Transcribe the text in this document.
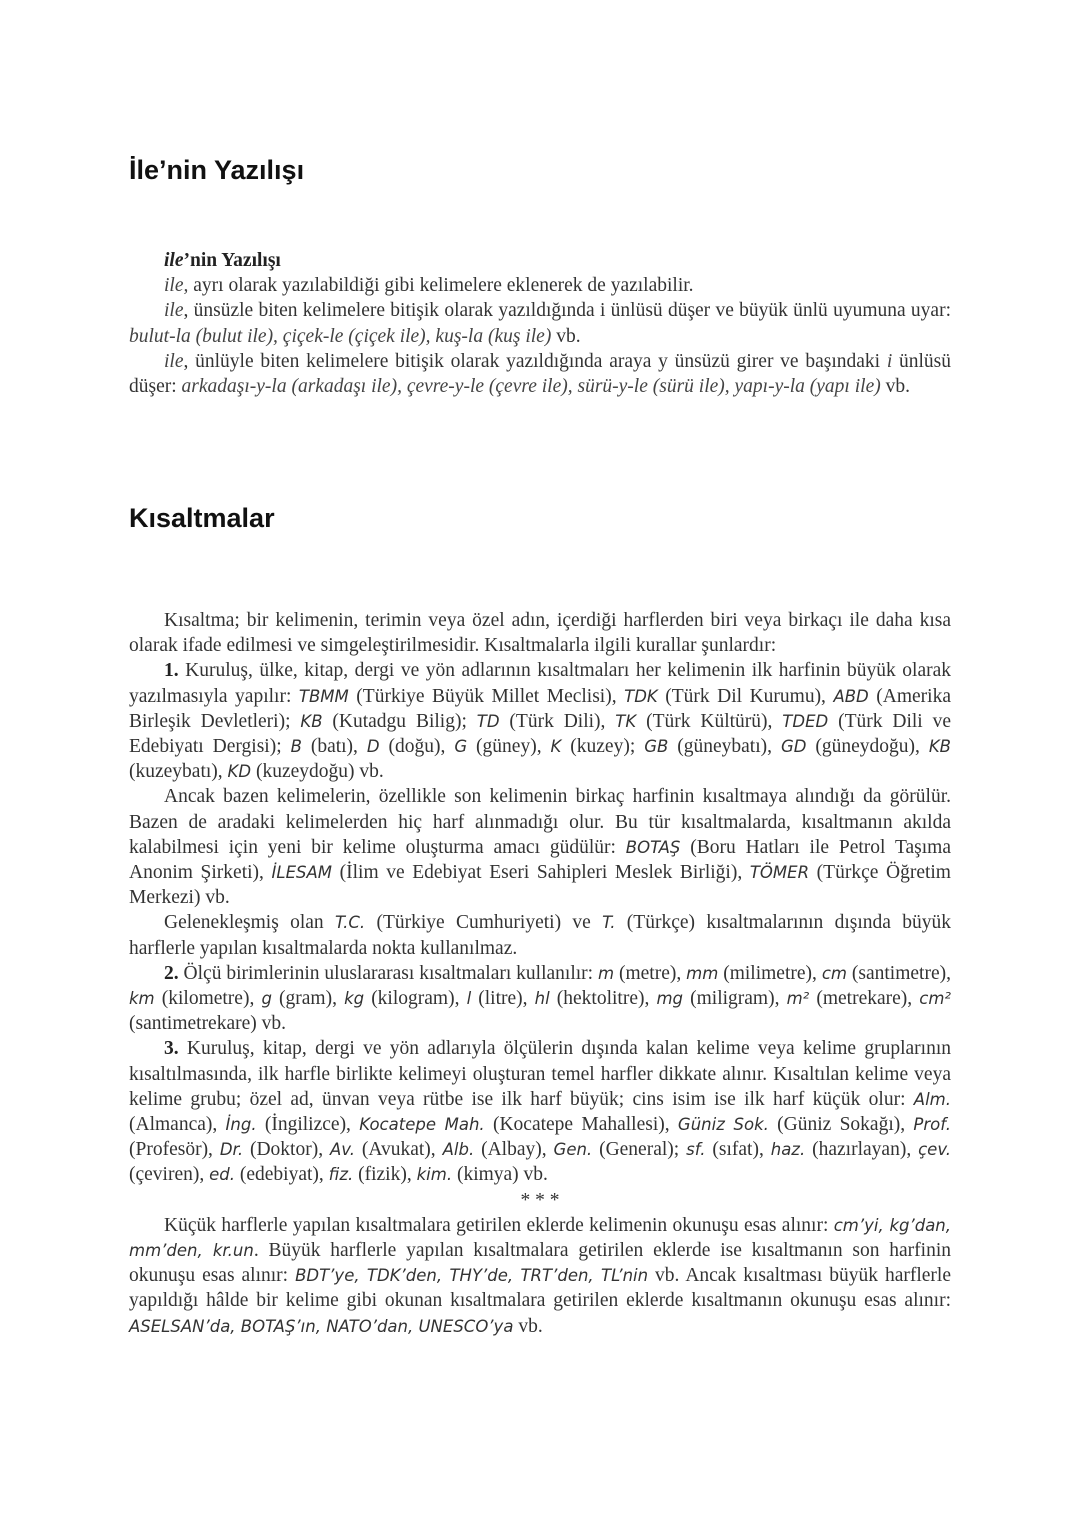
İle’nin Yazılışı

ile’nin Yazılışı

ile, ayrı olarak yazılabildiği gibi kelimelere eklenerek de yazılabilir.

ile, ünsüzle biten kelimelere bitişik olarak yazıldığında i ünlüsü düşer ve büyük ünlü uyumuna uyar: bulut-la (bulut ile), çiçek-le (çiçek ile), kuş-la (kuş ile) vb.

ile, ünlüyle biten kelimelere bitişik olarak yazıldığında araya y ünsüzü girer ve başındaki i ünlüsü düşer: arkadaşı-y-la (arkadaşı ile), çevre-y-le (çevre ile), sürü-y-le (sürü ile), yapı-y-la (yapı ile) vb.

Kısaltmalar

Kısaltma; bir kelimenin, terimin veya özel adın, içerdiği harflerden biri veya birkaçı ile daha kısa olarak ifade edilmesi ve simgeleştirilmesidir. Kısaltmalarla ilgili kurallar şunlardır:

1. Kuruluş, ülke, kitap, dergi ve yön adlarının kısaltmaları her kelimenin ilk harfinin büyük olarak yazılmasıyla yapılır: TBMM (Türkiye Büyük Millet Meclisi), TDK (Türk Dil Kurumu), ABD (Amerika Birleşik Devletleri); KB (Kutadgu Bilig); TD (Türk Dili), TK (Türk Kültürü), TDED (Türk Dili ve Edebiyatı Dergisi); B (batı), D (doğu), G (güney), K (kuzey); GB (güneybatı), GD (güneydoğu), KB (kuzeybatı), KD (kuzeydoğu) vb.

Ancak bazen kelimelerin, özellikle son kelimenin birkaç harfinin kısaltmaya alındığı da görülür. Bazen de aradaki kelimelerden hiç harf alınmadığı olur. Bu tür kısaltmalarda, kısaltmanın akılda kalabilmesi için yeni bir kelime oluşturma amacı güdülür: BOTAŞ (Boru Hatları ile Petrol Taşıma Anonim Şirketi), İLESAM (İlim ve Edebiyat Eseri Sahipleri Meslek Birliği), TÖMER (Türkçe Öğretim Merkezi) vb.

Gelenekleşmiş olan T.C. (Türkiye Cumhuriyeti) ve T. (Türkçe) kısaltmalarının dışında büyük harflerle yapılan kısaltmalarda nokta kullanılmaz.

2. Ölçü birimlerinin uluslararası kısaltmaları kullanılır: m (metre), mm (milimetre), cm (santimetre), km (kilometre), g (gram), kg (kilogram), l (litre), hl (hektolitre), mg (miligram), m² (metrekare), cm² (santimetrekare) vb.

3. Kuruluş, kitap, dergi ve yön adlarıyla ölçülerin dışında kalan kelime veya kelime gruplarının kısaltılmasında, ilk harfle birlikte kelimeyi oluşturan temel harfler dikkate alınır. Kısaltılan kelime veya kelime grubu; özel ad, ünvan veya rütbe ise ilk harf büyük; cins isim ise ilk harf küçük olur: Alm. (Almanca), İng. (İngilizce), Kocatepe Mah. (Kocatepe Mahallesi), Güniz Sok. (Güniz Sokağı), Prof. (Profesör), Dr. (Doktor), Av. (Avukat), Alb. (Albay), Gen. (General); sf. (sıfat), haz. (hazırlayan), çev. (çeviren), ed. (edebiyat), fiz. (fizik), kim. (kimya) vb.

* * *

Küçük harflerle yapılan kısaltmalara getirilen eklerde kelimenin okunuşu esas alınır: cm’yi, kg’dan, mm’den, kr.un. Büyük harflerle yapılan kısaltmalara getirilen eklerde ise kısaltmanın son harfinin okunuşu esas alınır: BDT’ye, TDK’den, THY’de, TRT’den, TL’nin vb. Ancak kısaltması büyük harflerle yapıldığı hâlde bir kelime gibi okunan kısaltmalara getirilen eklerde kısaltmanın okunuşu esas alınır: ASELSAN’da, BOTAŞ’ın, NATO’dan, UNESCO’ya vb.
